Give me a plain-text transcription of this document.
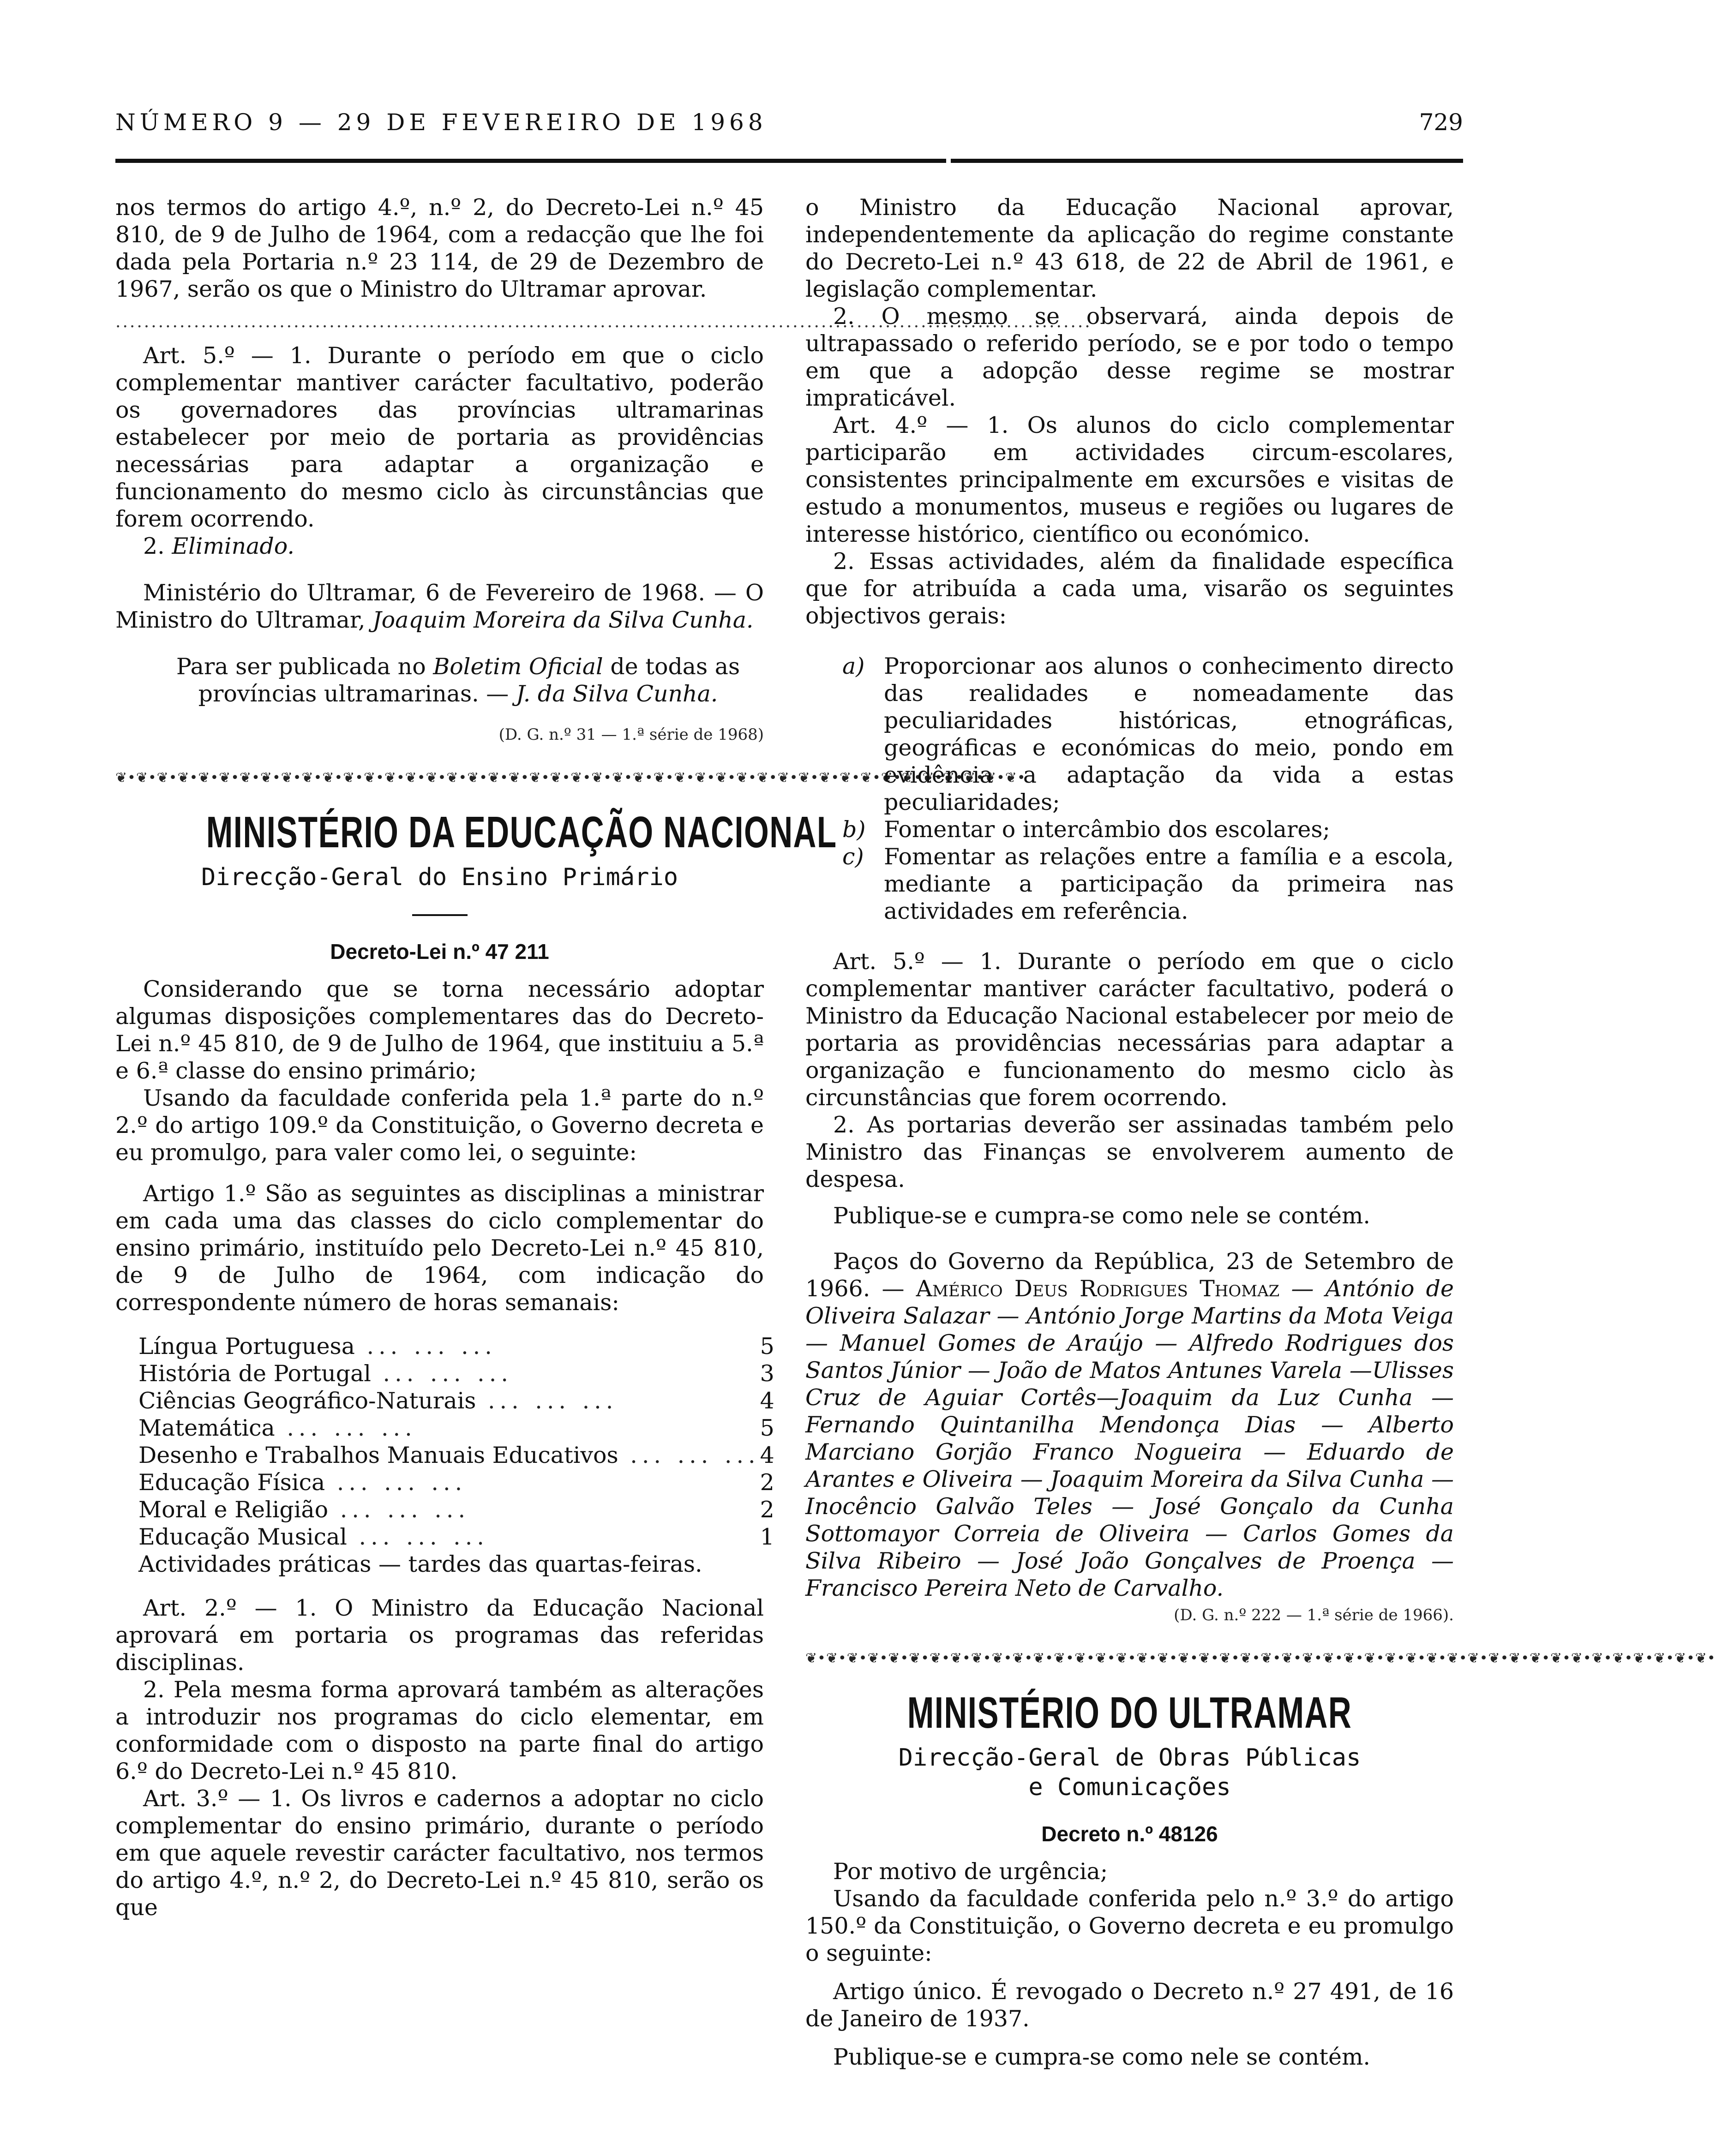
NÚMERO 9 — 29 DE FEVEREIRO DE 1968	729

nos termos do artigo 4.º, n.º 2, do Decreto-Lei n.º 45 810, de 9 de Julho de 1964, com a redacção que lhe foi dada pela Portaria n.º 23 114, de 29 de Dezembro de 1967, serão os que o Ministro do Ultramar aprovar.

.........................................................................................................................................

Art. 5.º — 1. Durante o período em que o ciclo complementar mantiver carácter facultativo, poderão os governadores das províncias ultramarinas estabelecer por meio de portaria as providências necessárias para adaptar a organização e funcionamento do mesmo ciclo às circunstâncias que forem ocorrendo.

2. Eliminado.

Ministério do Ultramar, 6 de Fevereiro de 1968. — O Ministro do Ultramar, Joaquim Moreira da Silva Cunha.

Para ser publicada no Boletim Oficial de todas as províncias ultramarinas. — J. da Silva Cunha.

(D. G. n.º 31 — 1.ª série de 1968)

❦•❦•❦•❦•❦•❦•❦•❦•❦•❦•❦•❦•❦•❦•❦•❦•❦•❦•❦•❦•❦•❦•❦•❦•❦•❦•❦•❦•❦•❦•❦•❦•❦•❦•❦•❦•❦•❦•❦•❦•❦•❦•❦•❦•
MINISTÉRIO DA EDUCAÇÃO NACIONAL
Direcção-Geral do Ensino Primário
Decreto-Lei n.º 47 211

Considerando que se torna necessário adoptar algumas disposições complementares das do Decreto-Lei n.º 45 810, de 9 de Julho de 1964, que instituiu a 5.ª e 6.ª classe do ensino primário;

Usando da faculdade conferida pela 1.ª parte do n.º 2.º do artigo 109.º da Constituição, o Governo decreta e eu promulgo, para valer como lei, o seguinte:

Artigo 1.º São as seguintes as disciplinas a ministrar em cada uma das classes do ciclo complementar do ensino primário, instituído pelo Decreto-Lei n.º 45 810, de 9 de Julho de 1964, com indicação do correspondente número de horas semanais:

Língua Portuguesa ... ... ...	5
História de Portugal ... ... ...	3
Ciências Geográfico-Naturais ... ... ...	4
Matemática ... ... ...	5
Desenho e Trabalhos Manuais Educativos ... ... ...	4
Educação Física ... ... ...	2
Moral e Religião ... ... ...	2
Educação Musical ... ... ...	1
Actividades práticas — tardes das quartas-feiras.	

Art. 2.º — 1. O Ministro da Educação Nacional aprovará em portaria os programas das referidas disciplinas.

2. Pela mesma forma aprovará também as alterações a introduzir nos programas do ciclo elementar, em conformidade com o disposto na parte final do artigo 6.º do Decreto-Lei n.º 45 810.

Art. 3.º — 1. Os livros e cadernos a adoptar no ciclo complementar do ensino primário, durante o período em que aquele revestir carácter facultativo, nos termos do artigo 4.º, n.º 2, do Decreto-Lei n.º 45 810, serão os que

o Ministro da Educação Nacional aprovar, independentemente da aplicação do regime constante do Decreto-Lei n.º 43 618, de 22 de Abril de 1961, e legislação complementar.

2. O mesmo se observará, ainda depois de ultrapassado o referido período, se e por todo o tempo em que a adopção desse regime se mostrar impraticável.

Art. 4.º — 1. Os alunos do ciclo complementar participarão em actividades circum-escolares, consistentes principalmente em excursões e visitas de estudo a monumentos, museus e regiões ou lugares de interesse histórico, científico ou económico.

2. Essas actividades, além da finalidade específica que for atribuída a cada uma, visarão os seguintes objectivos gerais:

a) Proporcionar aos alunos o conhecimento directo das realidades e nomeadamente das peculiaridades históricas, etnográficas, geográficas e económicas do meio, pondo em evidência a adaptação da vida a estas peculiaridades;
b) Fomentar o intercâmbio dos escolares;
c) Fomentar as relações entre a família e a escola, mediante a participação da primeira nas actividades em referência.

Art. 5.º — 1. Durante o período em que o ciclo complementar mantiver carácter facultativo, poderá o Ministro da Educação Nacional estabelecer por meio de portaria as providências necessárias para adaptar a organização e funcionamento do mesmo ciclo às circunstâncias que forem ocorrendo.

2. As portarias deverão ser assinadas também pelo Ministro das Finanças se envolverem aumento de despesa.

Publique-se e cumpra-se como nele se contém.

Paços do Governo da República, 23 de Setembro de 1966. — Américo Deus Rodrigues Thomaz — António de Oliveira Salazar — António Jorge Martins da Mota Veiga — Manuel Gomes de Araújo — Alfredo Rodrigues dos Santos Júnior — João de Matos Antunes Varela —Ulisses Cruz de Aguiar Cortês—Joaquim da Luz Cunha — Fernando Quintanilha Mendonça Dias — Alberto Marciano Gorjão Franco Nogueira — Eduardo de Arantes e Oliveira — Joaquim Moreira da Silva Cunha — Inocêncio Galvão Teles — José Gonçalo da Cunha Sottomayor Correia de Oliveira — Carlos Gomes da Silva Ribeiro — José João Gonçalves de Proença — Francisco Pereira Neto de Carvalho.

(D. G. n.º 222 — 1.ª série de 1966).

❦•❦•❦•❦•❦•❦•❦•❦•❦•❦•❦•❦•❦•❦•❦•❦•❦•❦•❦•❦•❦•❦•❦•❦•❦•❦•❦•❦•❦•❦•❦•❦•❦•❦•❦•❦•❦•❦•❦•❦•❦•❦•❦•❦•
MINISTÉRIO DO ULTRAMAR
Direcção-Geral de Obras Públicas
e Comunicações
Decreto n.º 48126

Por motivo de urgência;

Usando da faculdade conferida pelo n.º 3.º do artigo 150.º da Constituição, o Governo decreta e eu promulgo o seguinte:

Artigo único. É revogado o Decreto n.º 27 491, de 16 de Janeiro de 1937.

Publique-se e cumpra-se como nele se contém.
